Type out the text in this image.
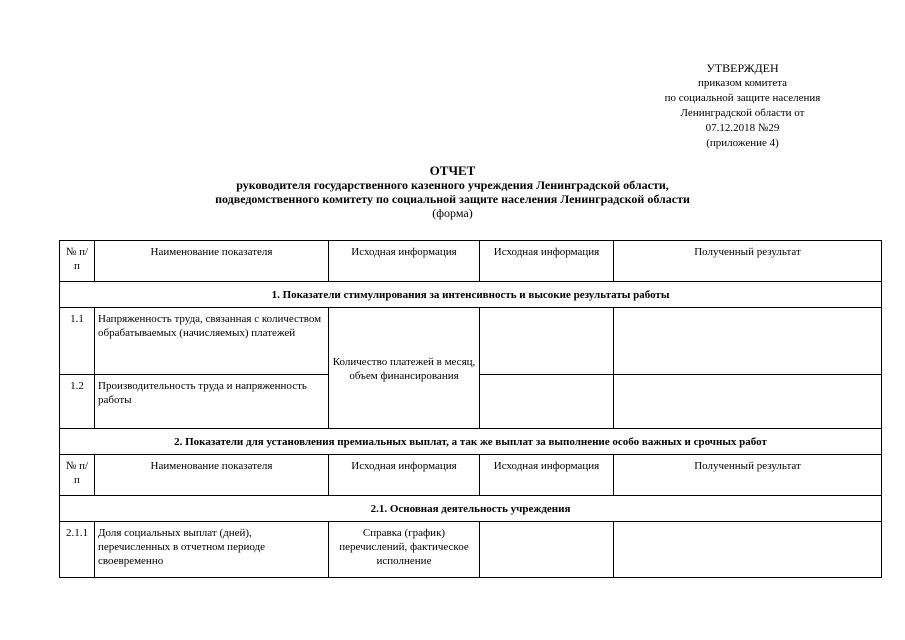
УТВЕРЖДЕН
приказом комитета
по социальной защите населения
Ленинградской области от
07.12.2018 №29
(приложение 4)
ОТЧЕТ
руководителя государственного казенного учреждения Ленинградской области,
подведомственного комитету по социальной защите населения Ленинградской области
(форма)
№ п/п	Наименование показателя	Исходная информация	Исходная информация	Полученный результат
1. Показатели стимулирования за интенсивность и высокие результаты работы				
1.1	Напряженность труда, связанная с количеством обрабатываемых (начисляемых) платежей	Количество платежей в месяц, объем финансирования		
1.2	Производительность труда и напряженность работы			
2. Показатели для установления премиальных выплат, а так же выплат за выполнение особо важных и срочных работ				
№ п/п	Наименование показателя	Исходная информация	Исходная информация	Полученный результат
2.1. Основная деятельность учреждения				
2.1.1	Доля социальных выплат (дней), перечисленных в отчетном периоде своевременно	Справка (график) перечислений, фактическое исполнение		
